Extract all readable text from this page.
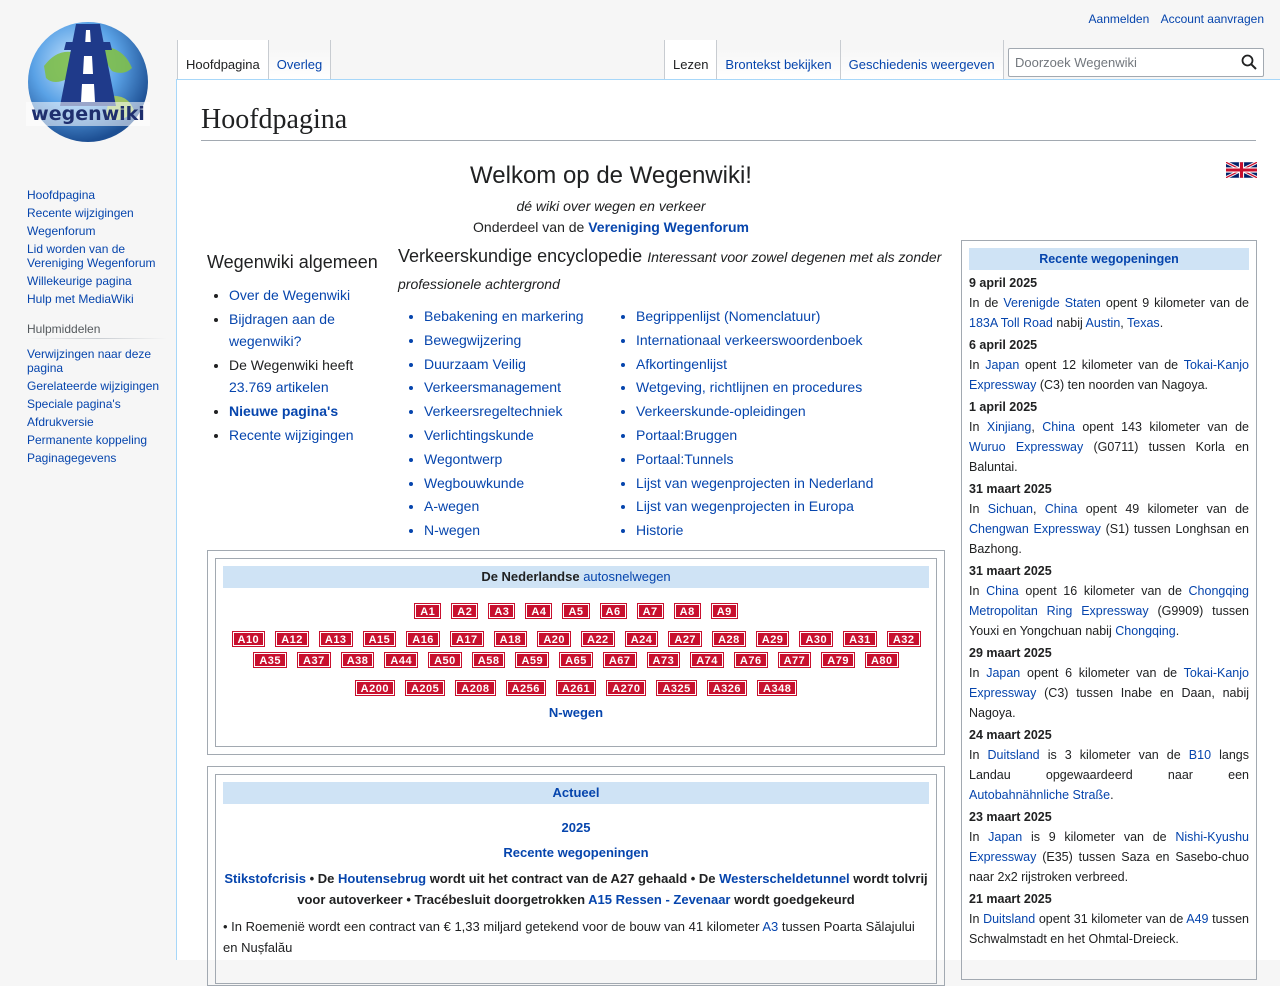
wegenwiki
Aanmelden Account aanvragen
Hoofdpagina	Overleg	Lezen	Brontekst bekijken	Geschiedenis weergeven
Doorzoek Wegenwiki
Hoofdpagina
Recente wijzigingen
Wegenforum
Lid worden van de Vereniging Wegenforum
Willekeurige pagina
Hulp met MediaWiki
Hulpmiddelen
Verwijzingen naar deze pagina
Gerelateerde wijzigingen
Speciale pagina's
Afdrukversie
Permanente koppeling
Paginagegevens
Hoofdpagina
Welkom op de Wegenwiki!
dé wiki over wegen en verkeer
Onderdeel van de Vereniging Wegenforum
Wegenwiki algemeen
• Over de Wegenwiki
• Bijdragen aan de wegenwiki?
• De Wegenwiki heeft 23.769 artikelen
• Nieuwe pagina's
• Recente wijzigingen
Verkeerskundige encyclopedie Interessant voor zowel degenen met als zonder professionele achtergrond
• Bebakening en markering
• Bewegwijzering
• Duurzaam Veilig
• Verkeersmanagement
• Verkeersregeltechniek
• Verlichtingskunde
• Wegontwerp
• Wegbouwkunde
• A-wegen
• N-wegen
• Begrippenlijst (Nomenclatuur)
• Internationaal verkeerswoordenboek
• Afkortingenlijst
• Wetgeving, richtlijnen en procedures
• Verkeerskunde-opleidingen
• Portaal:Bruggen
• Portaal:Tunnels
• Lijst van wegenprojecten in Nederland
• Lijst van wegenprojecten in Europa
• Historie
De Nederlandse autosnelwegen
A1 A2 A3 A4 A5 A6 A7 A8 A9
A10 A12 A13 A15 A16 A17 A18 A20 A22 A24 A27 A28 A29 A30 A31 A32
A35 A37 A38 A44 A50 A58 A59 A65 A67 A73 A74 A76 A77 A79 A80
A200 A205 A208 A256 A261 A270 A325 A326 A348
N-wegen
Actueel
2025
Recente wegopeningen
Stikstofcrisis • De Houtensebrug wordt uit het contract van de A27 gehaald • De Westerscheldetunnel wordt tolvrij voor autoverkeer • Tracébesluit doorgetrokken A15 Ressen - Zevenaar wordt goedgekeurd
• In Roemenië wordt een contract van € 1,33 miljard getekend voor de bouw van 41 kilometer A3 tussen Poarta Sălajului en Nușfalău
Recente wegopeningen
9 april 2025
In de Verenigde Staten opent 9 kilometer van de 183A Toll Road nabij Austin, Texas.
6 april 2025
In Japan opent 12 kilometer van de Tokai-Kanjo Expressway (C3) ten noorden van Nagoya.
1 april 2025
In Xinjiang, China opent 143 kilometer van de Wuruo Expressway (G0711) tussen Korla en Baluntai.
31 maart 2025
In Sichuan, China opent 49 kilometer van de Chengwan Expressway (S1) tussen Longhsan en Bazhong.
31 maart 2025
In China opent 16 kilometer van de Chongqing Metropolitan Ring Expressway (G9909) tussen Youxi en Yongchuan nabij Chongqing.
29 maart 2025
In Japan opent 6 kilometer van de Tokai-Kanjo Expressway (C3) tussen Inabe en Daan, nabij Nagoya.
24 maart 2025
In Duitsland is 3 kilometer van de B10 langs Landau opgewaardeerd naar een Autobahnähnliche Straße.
23 maart 2025
In Japan is 9 kilometer van de Nishi-Kyushu Expressway (E35) tussen Saza en Sasebo-chuo naar 2x2 rijstroken verbreed.
21 maart 2025
In Duitsland opent 31 kilometer van de A49 tussen Schwalmstadt en het Ohmtal-Dreieck.
